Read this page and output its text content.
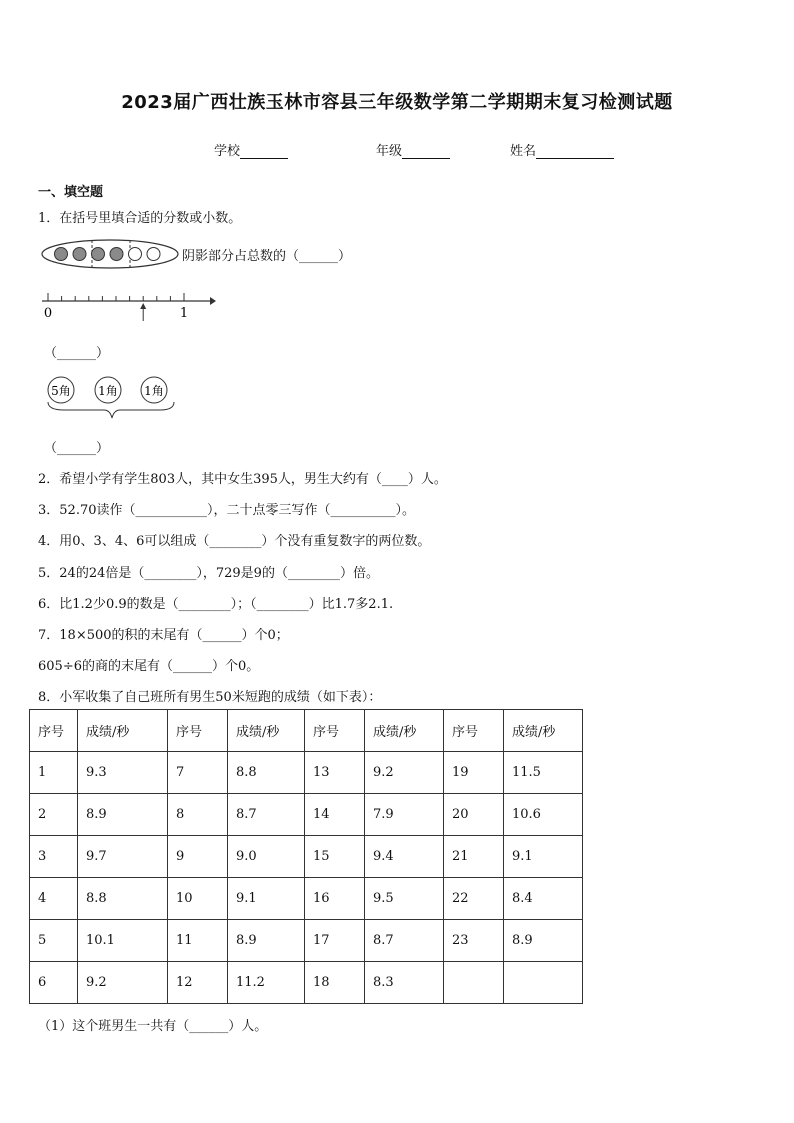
2023届广西壮族玉林市容县三年级数学第二学期期末复习检测试题
学校	年级	姓名
一、填空题
1．在括号里填合适的分数或小数。
阴影部分占总数的（______）
0	1
（______）
5角 1角 1角
（______）
2．希望小学有学生803人，其中女生395人，男生大约有（____）人。
3．52.70读作（___________），二十点零三写作（__________）。
4．用0、3、4、6可以组成（________）个没有重复数字的两位数。
5．24的24倍是（________），729是9的（________）倍。
6．比1.2少0.9的数是（________）；（________）比1.7多2.1.
7．18×500的积的末尾有（______）个0；
605÷6的商的末尾有（______）个0。
8．小军收集了自己班所有男生50米短跑的成绩（如下表）：
序号	成绩/秒	序号	成绩/秒	序号	成绩/秒	序号	成绩/秒
1	9.3	7	8.8	13	9.2	19	11.5
2	8.9	8	8.7	14	7.9	20	10.6
3	9.7	9	9.0	15	9.4	21	9.1
4	8.8	10	9.1	16	9.5	22	8.4
5	10.1	11	8.9	17	8.7	23	8.9
6	9.2	12	11.2	18	8.3		
（1）这个班男生一共有（______）人。
